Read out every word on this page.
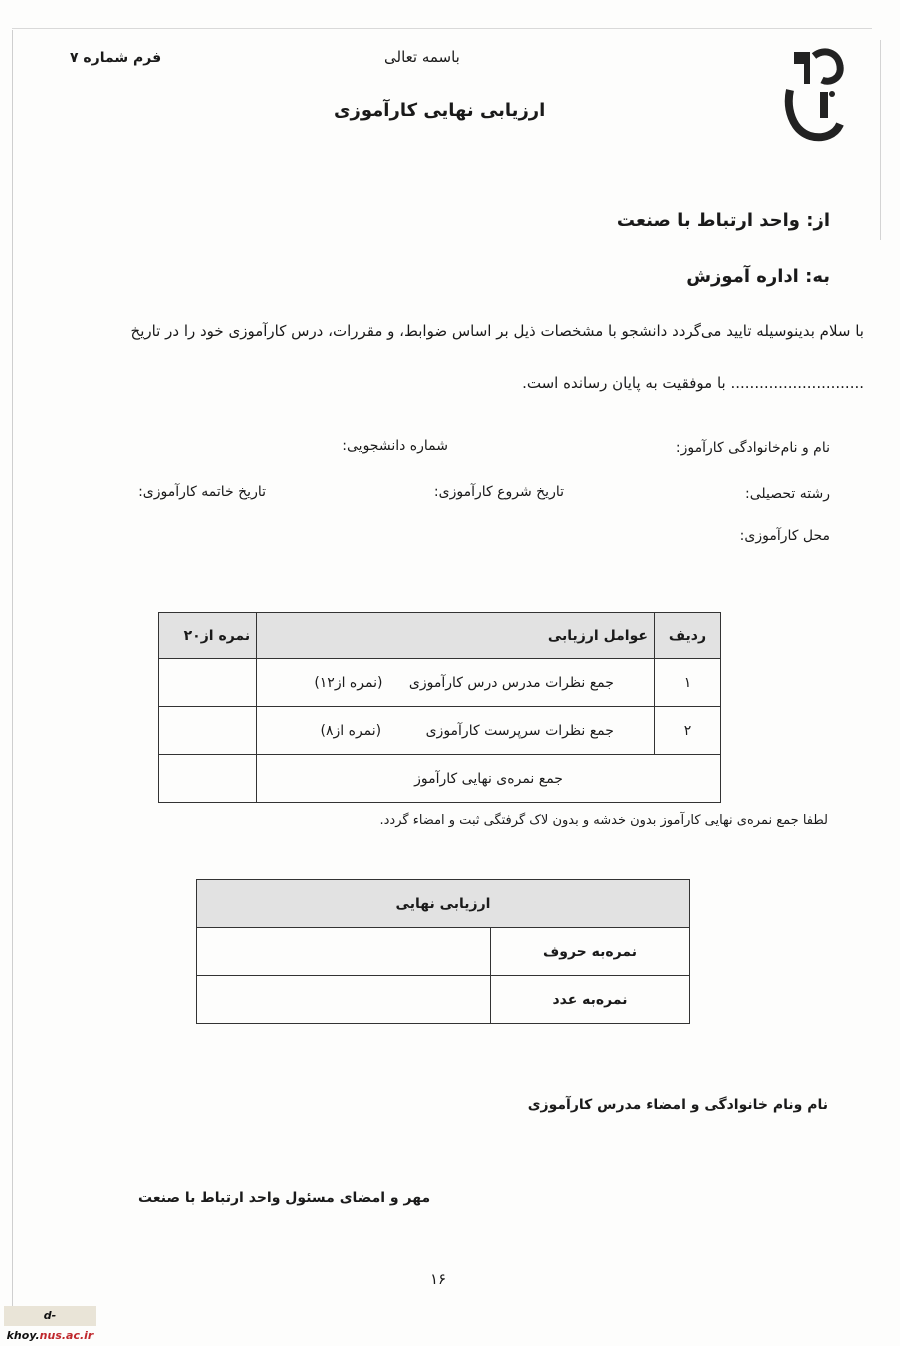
فرم شماره ۷	باسمه تعالی
ارزیابی نهایی کارآموزی
از: واحد ارتباط با صنعت
به: اداره آموزش
با سلام بدینوسیله تایید می‌گردد دانشجو با مشخصات ذیل بر اساس ضوابط، و مقررات، درس کارآموزی خود را در تاریخ
............................ با موفقیت به پایان رسانده است.
نام و نام‌خانوادگی کارآموز:
شماره دانشجویی:
رشته تحصیلی:
تاریخ شروع کارآموزی:
تاریخ خاتمه کارآموزی:
محل کارآموزی:
ردیف	عوامل ارزیابی	نمره از۲۰
۱	جمع نظرات مدرس درس کارآموزی (نمره از۱۲)	
۲	جمع نظرات سرپرست کارآموزی (نمره از۸)	
جمع نمره‌ی نهایی کارآموز		
لطفا جمع نمره‌ی نهایی کارآموز بدون خدشه و بدون لاک گرفتگی ثبت و امضاء گردد.
ارزیابی نهایی	
نمره‌به حروف	
نمره‌به عدد	
نام ونام خانوادگی و امضاء مدرس کارآموزی
مهر و امضای مسئول واحد ارتباط با صنعت
۱۶
d-khoy.nus.ac.ir
